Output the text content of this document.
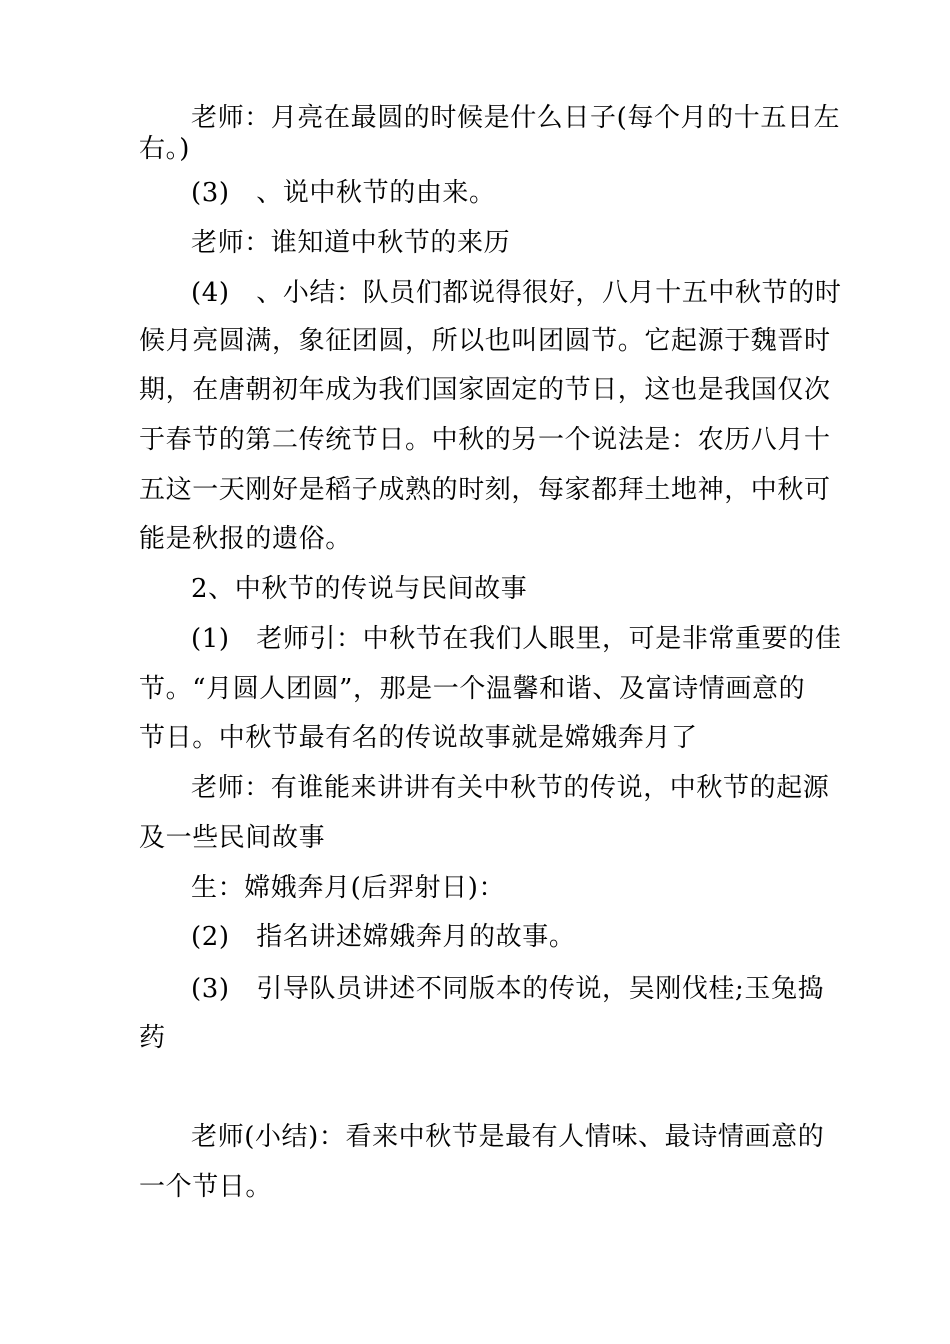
老师：月亮在最圆的时候是什么日子(每个月的十五日左
右。)
(3)　、说中秋节的由来。
老师：谁知道中秋节的来历
(4)　、小结：队员们都说得很好，八月十五中秋节的时
候月亮圆满，象征团圆，所以也叫团圆节。它起源于魏晋时
期，在唐朝初年成为我们国家固定的节日，这也是我国仅次
于春节的第二传统节日。中秋的另一个说法是：农历八月十
五这一天刚好是稻子成熟的时刻，每家都拜土地神，中秋可
能是秋报的遗俗。
2、中秋节的传说与民间故事
(1)　老师引：中秋节在我们人眼里，可是非常重要的佳
节。“月圆人团圆”，那是一个温馨和谐、及富诗情画意的
节日。中秋节最有名的传说故事就是嫦娥奔月了
老师：有谁能来讲讲有关中秋节的传说，中秋节的起源
及一些民间故事
生：嫦娥奔月(后羿射日)：
(2)　指名讲述嫦娥奔月的故事。
(3)　引导队员讲述不同版本的传说，吴刚伐桂;玉兔捣
药
老师(小结)：看来中秋节是最有人情味、最诗情画意的
一个节日。
